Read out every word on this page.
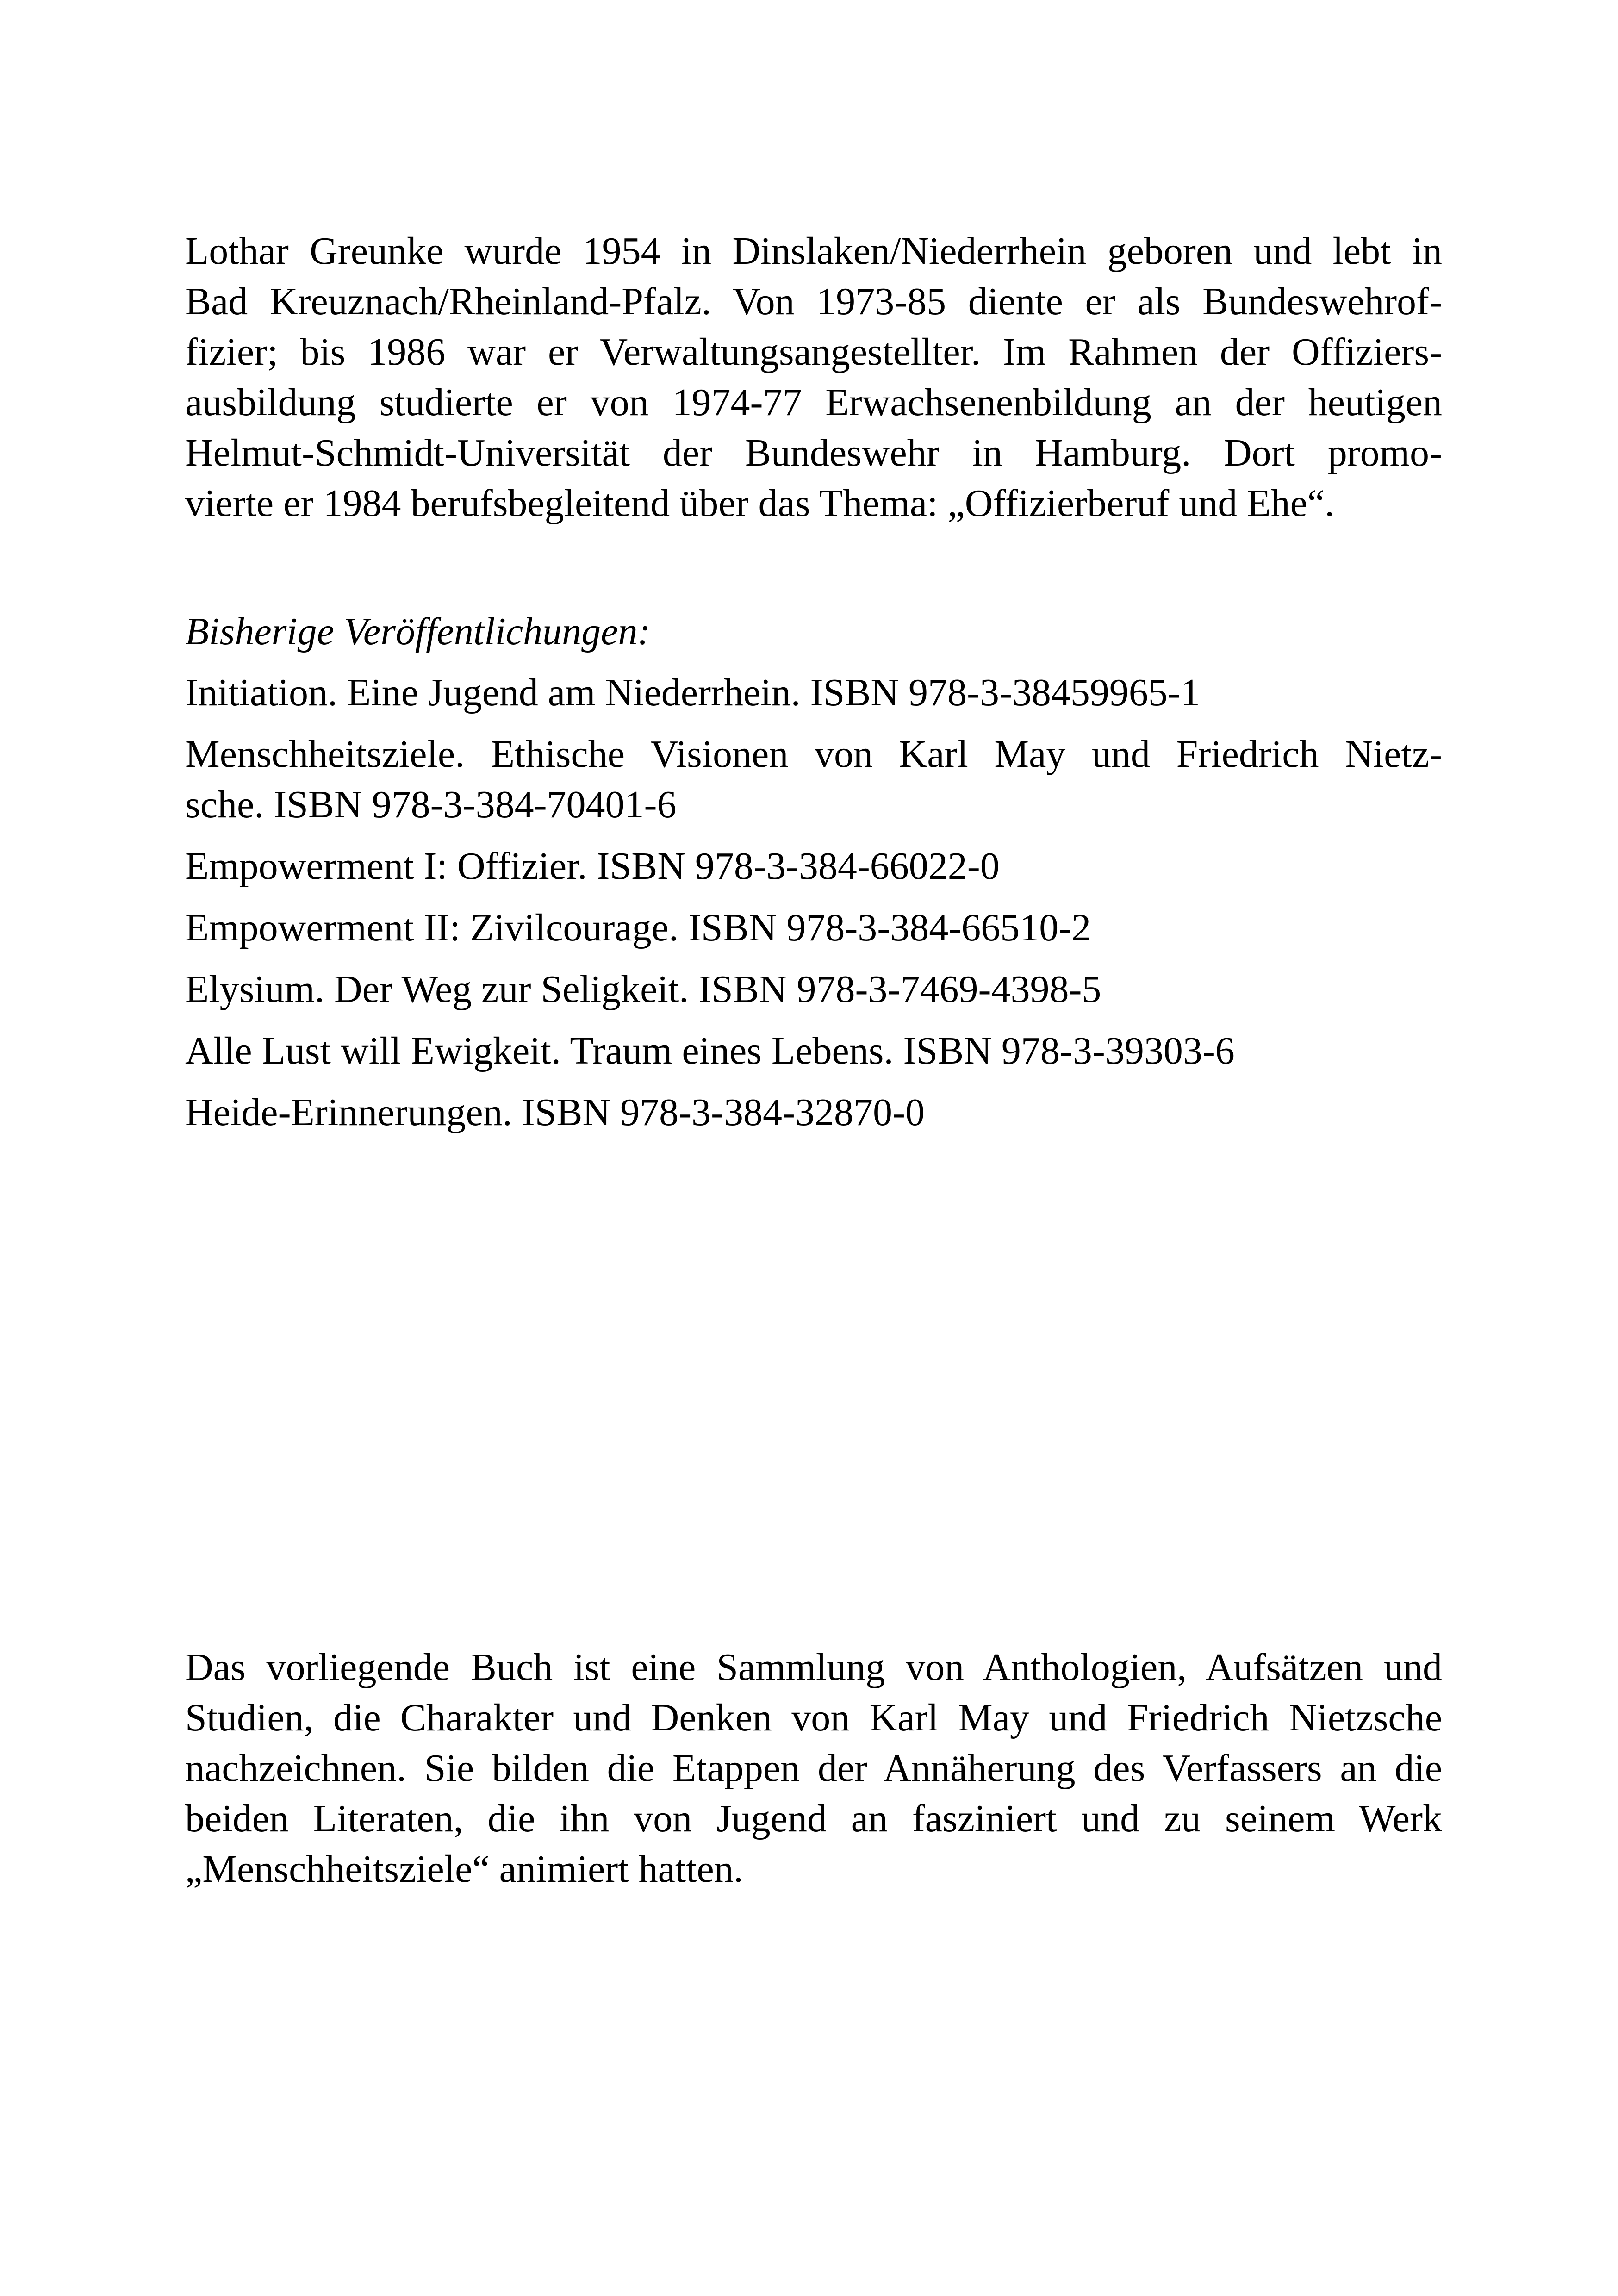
Lothar Greunke wurde 1954 in Dinslaken/Niederrhein geboren und lebt in
Bad Kreuznach/Rheinland-Pfalz. Von 1973-85 diente er als Bundeswehrof-
fizier; bis 1986 war er Verwaltungsangestellter. Im Rahmen der Offiziers-
ausbildung studierte er von 1974-77 Erwachsenenbildung an der heutigen
Helmut-Schmidt-Universität der Bundeswehr in Hamburg. Dort promo-
vierte er 1984 berufsbegleitend über das Thema: „Offizierberuf und Ehe“.

Bisherige Veröffentlichungen:
Initiation. Eine Jugend am Niederrhein. ISBN 978-3-38459965-1
Menschheitsziele. Ethische Visionen von Karl May und Friedrich Nietz-
sche. ISBN 978-3-384-70401-6
Empowerment I: Offizier. ISBN 978-3-384-66022-0
Empowerment II: Zivilcourage. ISBN 978-3-384-66510-2
Elysium. Der Weg zur Seligkeit. ISBN 978-3-7469-4398-5
Alle Lust will Ewigkeit. Traum eines Lebens. ISBN 978-3-39303-6
Heide-Erinnerungen. ISBN 978-3-384-32870-0

Das vorliegende Buch ist eine Sammlung von Anthologien, Aufsätzen und
Studien, die Charakter und Denken von Karl May und Friedrich Nietzsche
nachzeichnen. Sie bilden die Etappen der Annäherung des Verfassers an die
beiden Literaten, die ihn von Jugend an fasziniert und zu seinem Werk
„Menschheitsziele“ animiert hatten.
